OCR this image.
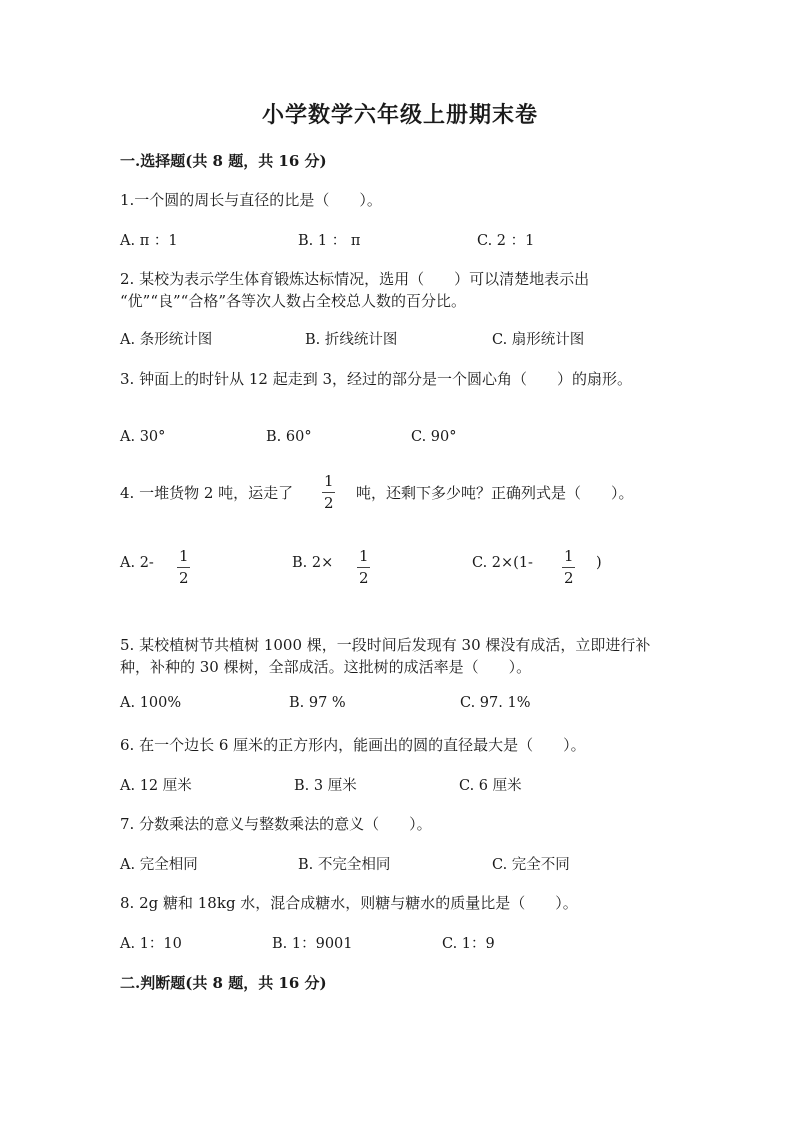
小学数学六年级上册期末卷
一.选择题(共 8 题，共 16 分)
1.一个圆的周长与直径的比是（　　）。
A. π ：1	B. 1 ： π	C. 2 ：1
2. 某校为表示学生体育锻炼达标情况，选用（　　）可以清楚地表示出
“优”“良”“合格”各等次人数占全校总人数的百分比。
A. 条形统计图	B. 折线统计图	C. 扇形统计图
3. 钟面上的时针从 12 起走到 3，经过的部分是一个圆心角（　　）的扇形。
A. 30°	B. 60°	C. 90°
4. 一堆货物 2 吨，运走了
1
2
吨，还剩下多少吨？正确列式是（　　）。
A. 2- 1
2
B. 2× 1
2
C. 2×(1- 1
2
)
5. 某校植树节共植树 1000 棵，一段时间后发现有 30 棵没有成活，立即进行补
种，补种的 30 棵树，全部成活。这批树的成活率是（　　）。
A. 100%	B. 97 %	C. 97. 1%
6. 在一个边长 6 厘米的正方形内，能画出的圆的直径最大是（　　）。
A. 12 厘米	B. 3 厘米	C. 6 厘米
7. 分数乘法的意义与整数乘法的意义（　　）。
A. 完全相同	B. 不完全相同	C. 完全不同
8. 2g 糖和 18kg 水，混合成糖水，则糖与糖水的质量比是（　　）。
A. 1：10	B. 1：9001	C. 1：9
二.判断题(共 8 题，共 16 分)
